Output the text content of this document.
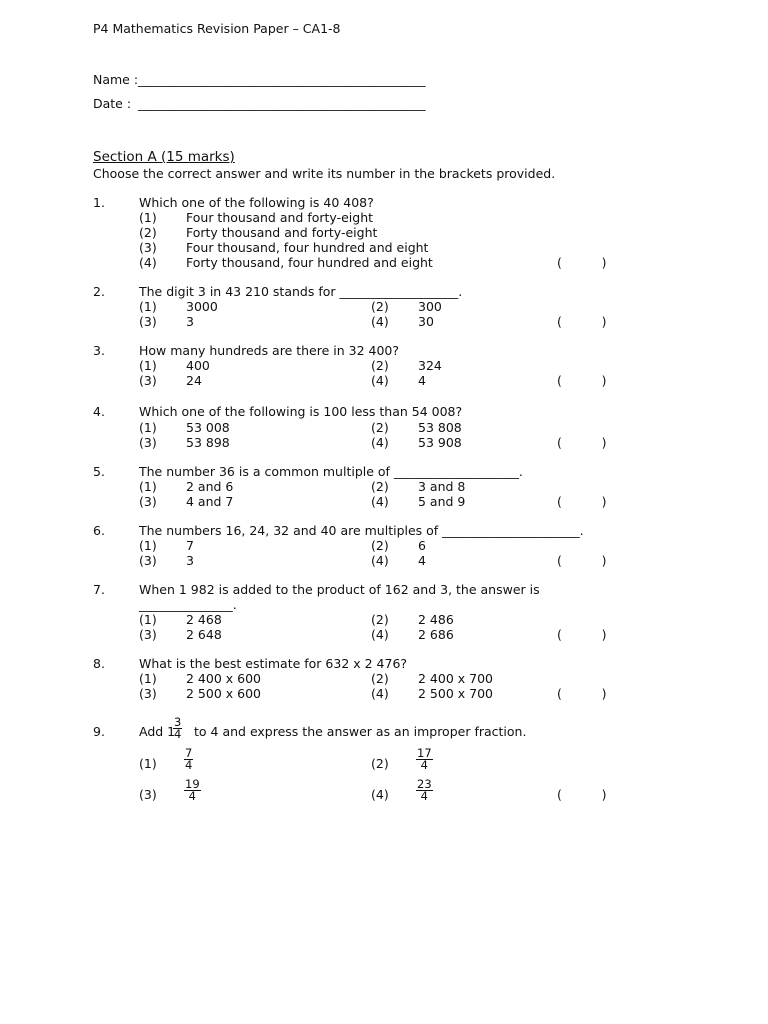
P4 Mathematics Revision Paper – CA1-8
Name : ______________________________________________
Date : ______________________________________________
Section A (15 marks)
Choose the correct answer and write its number in the brackets provided.
1.	Which one of the following is 40 408?
(1) Four thousand and forty-eight
(2) Forty thousand and forty-eight
(3) Four thousand, four hundred and eight
(4) Forty thousand, four hundred and eight	(          )
2.	The digit 3 in 43 210 stands for ___________________.
(1) 3000	(2) 300
(3) 3	(4) 30	(          )
3.	How many hundreds are there in 32 400?
(1) 400	(2) 324
(3) 24	(4) 4	(          )
4.	Which one of the following is 100 less than 54 008?
(1) 53 008	(2) 53 808
(3) 53 898	(4) 53 908	(          )
5.	The number 36 is a common multiple of ____________________.
(1) 2 and 6	(2) 3 and 8
(3) 4 and 7	(4) 5 and 9	(          )
6.	The numbers 16, 24, 32 and 40 are multiples of ______________________.
(1) 7	(2) 6
(3) 3	(4) 4	(          )
7.	When 1 982 is added to the product of 162 and 3, the answer is
_______________.
(1) 2 468	(2) 2 486
(3) 2 648	(4) 2 686	(          )
8.	What is the best estimate for 632 x 2 476?
(1) 2 400 x 600	(2) 2 400 x 700
(3) 2 500 x 600	(4) 2 500 x 700	(          )
9.	Add 1
$\frac{3}{4}$ to 4 and express the answer as an improper fraction.
$(1) \frac{7}{4}$	$(2) \frac{17}{4}$
$(3) \frac{19}{4}$	$(4) \frac{23}{4}$	(          )
